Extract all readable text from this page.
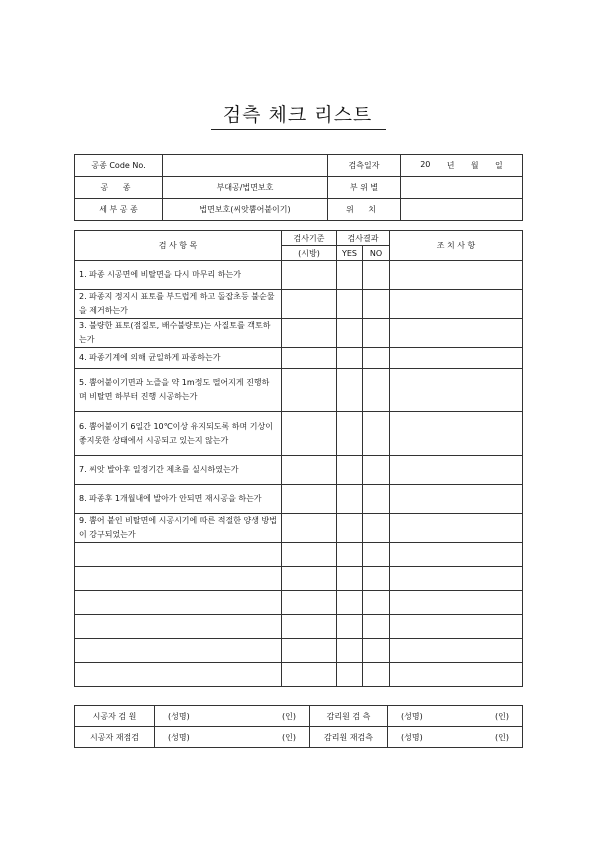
검측 체크 리스트
공종 Code No.		검측일자	20 년 월 일

공 종	부대공/법면보호	부 위 별	
세 부 공 종	법면보호(씨앗뿜어붙이기)	위 치	
검 사 항 목	검사기준	검사결과		조 치 사 항
	(시방)	YES	NO	
1. 파종 시공면에 비탈면을 다시 마무리 하는가				
2. 파종지 정지시 표토를 부드럽게 하고 돌잡초등 불순물을 제거하는가				
3. 불량한 표토(점질토, 배수불량토)는 사질토를 객토하는가				
4. 파종기계에 의해 균일하게 파종하는가				
5. 뿜어붙이기면과 노즐을 약 1m정도 떨어지게 진행하며 비탈면 하부터 진행 시공하는가				
6. 뿜어붙이기 6일간 10℃이상 유지되도록 하며 기상이 좋지못한 상태에서 시공되고 있는지 않는가				
7. 씨앗 발아후 일정기간 제초를 실시하였는가				
8. 파종후 1개월내에 발아가 안되면 재시공을 하는가				
9. 뿜어 붙인 비탈면에 시공시기에 따른 적절한 양생 방법이 강구되었는가				

시공자 검 원	(성명) (인)	감리원 검 측	(성명) (인)

시공자 재점검	(성명) (인)	감리원 재검측	(성명) (인)
